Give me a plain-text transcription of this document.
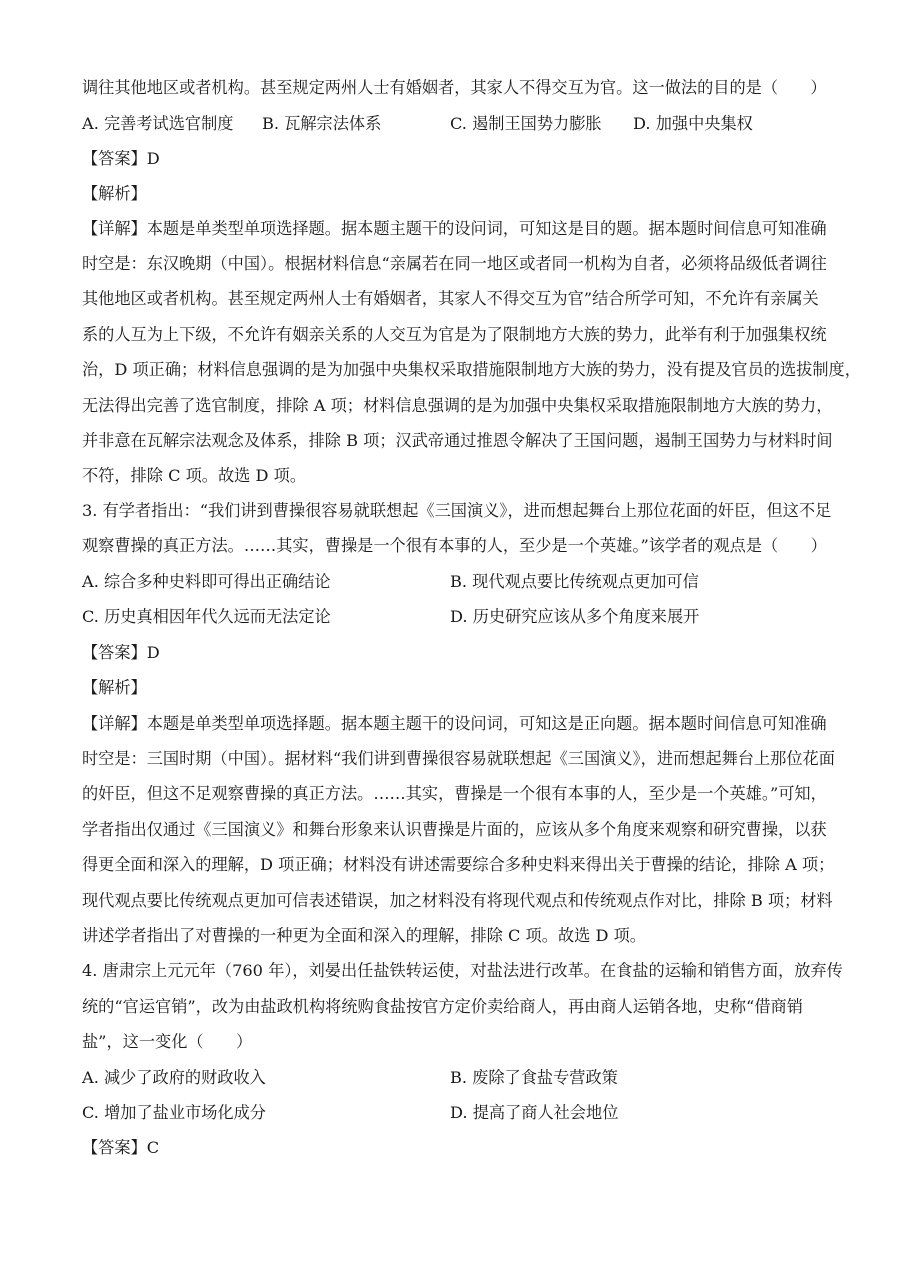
调往其他地区或者机构。甚至规定两州人士有婚姻者，其家人不得交互为官。这一做法的目的是（　　）
A. 完善考试选官制度 B. 瓦解宗法体系	C. 遏制王国势力膨胀 D. 加强中央集权
【答案】D
【解析】
【详解】本题是单类型单项选择题。据本题主题干的设问词，可知这是目的题。据本题时间信息可知准确
时空是：东汉晚期（中国）。根据材料信息“亲属若在同一地区或者同一机构为自者，必须将品级低者调往
其他地区或者机构。甚至规定两州人士有婚姻者，其家人不得交互为官”结合所学可知，不允许有亲属关
系的人互为上下级，不允许有姻亲关系的人交互为官是为了限制地方大族的势力，此举有利于加强集权统
治，D 项正确；材料信息强调的是为加强中央集权采取措施限制地方大族的势力，没有提及官员的选拔制度，
无法得出完善了选官制度，排除 A 项；材料信息强调的是为加强中央集权采取措施限制地方大族的势力，
并非意在瓦解宗法观念及体系，排除 B 项；汉武帝通过推恩令解决了王国问题，遏制王国势力与材料时间
不符，排除 C 项。故选 D 项。
3. 有学者指出：“我们讲到曹操很容易就联想起《三国演义》，进而想起舞台上那位花面的奸臣，但这不足
观察曹操的真正方法。……其实，曹操是一个很有本事的人，至少是一个英雄。”该学者的观点是（　　）
A. 综合多种史料即可得出正确结论	B. 现代观点要比传统观点更加可信
C. 历史真相因年代久远而无法定论	D. 历史研究应该从多个角度来展开
【答案】D
【解析】
【详解】本题是单类型单项选择题。据本题主题干的设问词，可知这是正向题。据本题时间信息可知准确
时空是：三国时期（中国）。据材料“我们讲到曹操很容易就联想起《三国演义》，进而想起舞台上那位花面
的奸臣，但这不足观察曹操的真正方法。……其实，曹操是一个很有本事的人，至少是一个英雄。”可知，
学者指出仅通过《三国演义》和舞台形象来认识曹操是片面的，应该从多个角度来观察和研究曹操，以获
得更全面和深入的理解，D 项正确；材料没有讲述需要综合多种史料来得出关于曹操的结论，排除 A 项；
现代观点要比传统观点更加可信表述错误，加之材料没有将现代观点和传统观点作对比，排除 B 项；材料
讲述学者指出了对曹操的一种更为全面和深入的理解，排除 C 项。故选 D 项。
4. 唐肃宗上元元年（760 年），刘晏出任盐铁转运使，对盐法进行改革。在食盐的运输和销售方面，放弃传
统的“官运官销”，改为由盐政机构将统购食盐按官方定价卖给商人，再由商人运销各地，史称“借商销
盐”，这一变化（　　）
A. 减少了政府的财政收入	B. 废除了食盐专营政策
C. 增加了盐业市场化成分	D. 提高了商人社会地位
【答案】C
